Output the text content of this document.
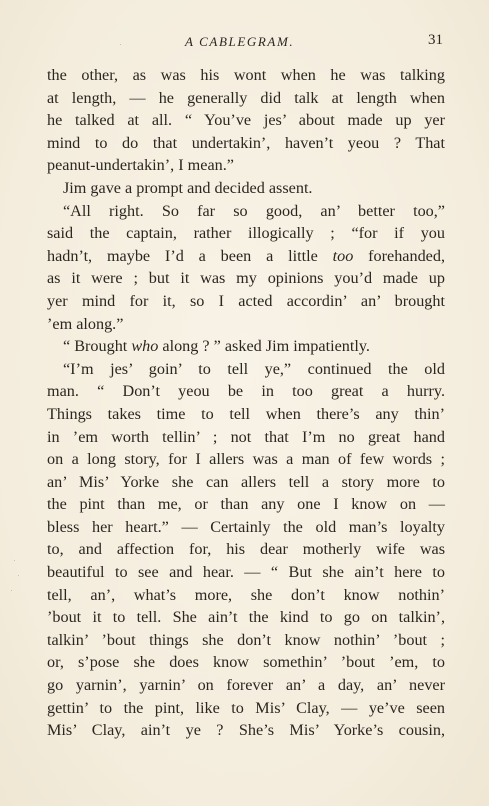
A CABLEGRAM.	31
the other, as was his wont when he was talking
at length, — he generally did talk at length when
he talked at all. “ You’ve jes’ about made up yer
mind to do that undertakin’, haven’t yeou ? That
peanut-undertakin’, I mean.”
Jim gave a prompt and decided assent.
“All right. So far so good, an’ better too,”
said the captain, rather illogically ; “for if you
hadn’t, maybe I’d a been a little too forehanded,
as it were ; but it was my opinions you’d made up
yer mind for it, so I acted accordin’ an’ brought
’em along.”
“ Brought who along ? ” asked Jim impatiently.
“I’m jes’ goin’ to tell ye,” continued the old
man. “ Don’t yeou be in too great a hurry.
Things takes time to tell when there’s any thin’
in ’em worth tellin’ ; not that I’m no great hand
on a long story, for I allers was a man of few words ;
an’ Mis’ Yorke she can allers tell a story more to
the pint than me, or than any one I know on —
bless her heart.” — Certainly the old man’s loyalty
to, and affection for, his dear motherly wife was
beautiful to see and hear. — “ But she ain’t here to
tell, an’, what’s more, she don’t know nothin’
’bout it to tell. She ain’t the kind to go on talkin’,
talkin’ ’bout things she don’t know nothin’ ’bout ;
or, s’pose she does know somethin’ ’bout ’em, to
go yarnin’, yarnin’ on forever an’ a day, an’ never
gettin’ to the pint, like to Mis’ Clay, — ye’ve seen
Mis’ Clay, ain’t ye ? She’s Mis’ Yorke’s cousin,
